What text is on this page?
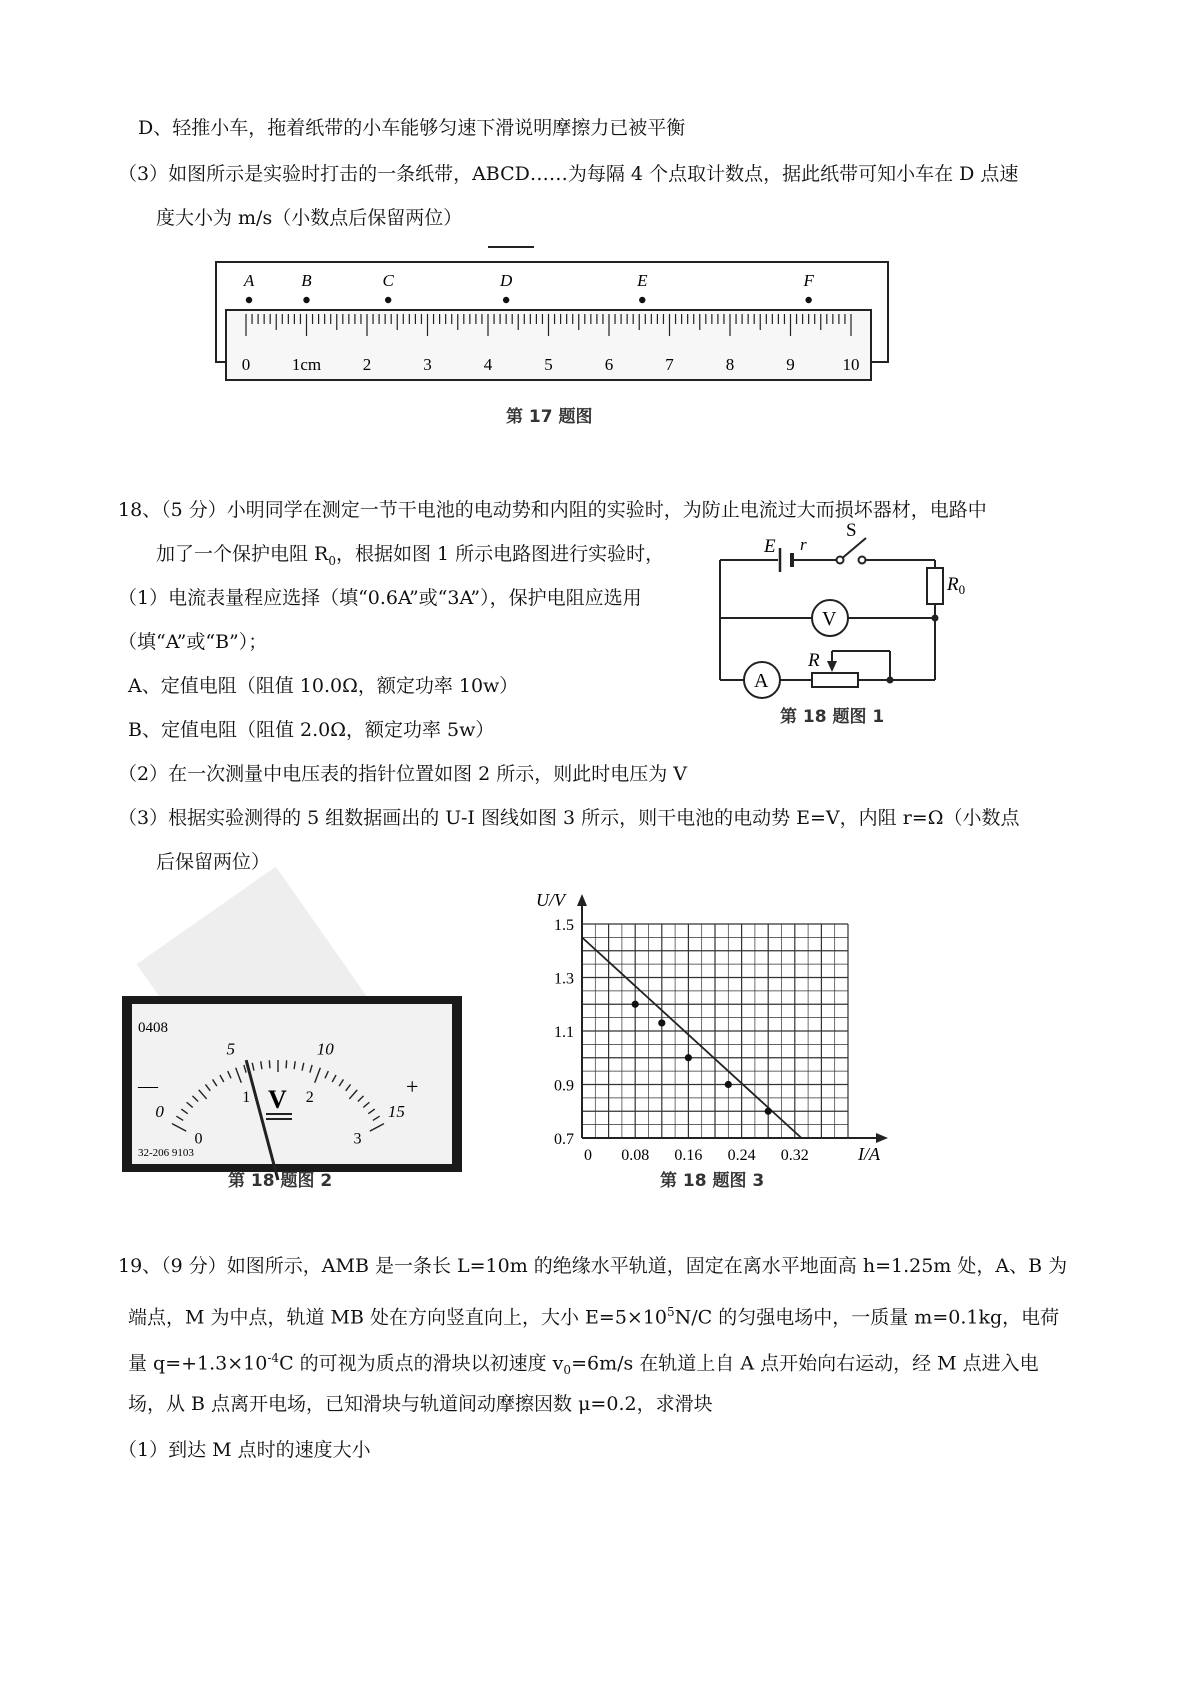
D、轻推小车，拖着纸带的小车能够匀速下滑说明摩擦力已被平衡
（3）如图所示是实验时打击的一条纸带，ABCD……为每隔 4 个点取计数点，据此纸带可知小车在 D 点速
度大小为 m/s（小数点后保留两位）
A	B	C	D	E	F
0 1cm 2	3	4	5	6	7	8	9	10
第 17 题图
18、（5 分）小明同学在测定一节干电池的电动势和内阻的实验时，为防止电流过大而损坏器材，电路中
加了一个保护电阻 $R_0$，根据如图 1 所示电路图进行实验时，
（1）电流表量程应选择（填“0.6A”或“3A”），保护电阻应选用
（填“A”或“B”）；
A、定值电阻（阻值 10.0Ω，额定功率 10w）
B、定值电阻（阻值 2.0Ω，额定功率 5w）
（2）在一次测量中电压表的指针位置如图 2 所示，则此时电压为 V
（3）根据实验测得的 5 组数据画出的 U-I 图线如图 3 所示，则干电池的电动势 E=V，内阻 r=Ω（小数点
后保留两位）
E r
S
$R_0$
V
A
R
第 18 题图 1
0
5	10
15
0
1	2
3
0408
32-206 9103
V	+
—
第 18 题图 2
0.7
0.9
1.1
1.3
1.5
0 0.08 0.16 0.24 0.32
U/V
I/A
第 18 题图 3
19、（9 分）如图所示，AMB 是一条长 L=10m 的绝缘水平轨道，固定在离水平地面高 h=1.25m 处，A、B 为
端点，M 为中点，轨道 MB 处在方向竖直向上，大小 $E=5\times 10^5N/C$ 的匀强电场中，一质量 m=0.1kg，电荷
量 $q=+1.3\times 10^{-4}C$ 的可视为质点的滑块以初速度 $v_0=6m/s$ 在轨道上自 A 点开始向右运动，经 M 点进入电
场，从 B 点离开电场，已知滑块与轨道间动摩擦因数 μ=0.2，求滑块
（1）到达 M 点时的速度大小
